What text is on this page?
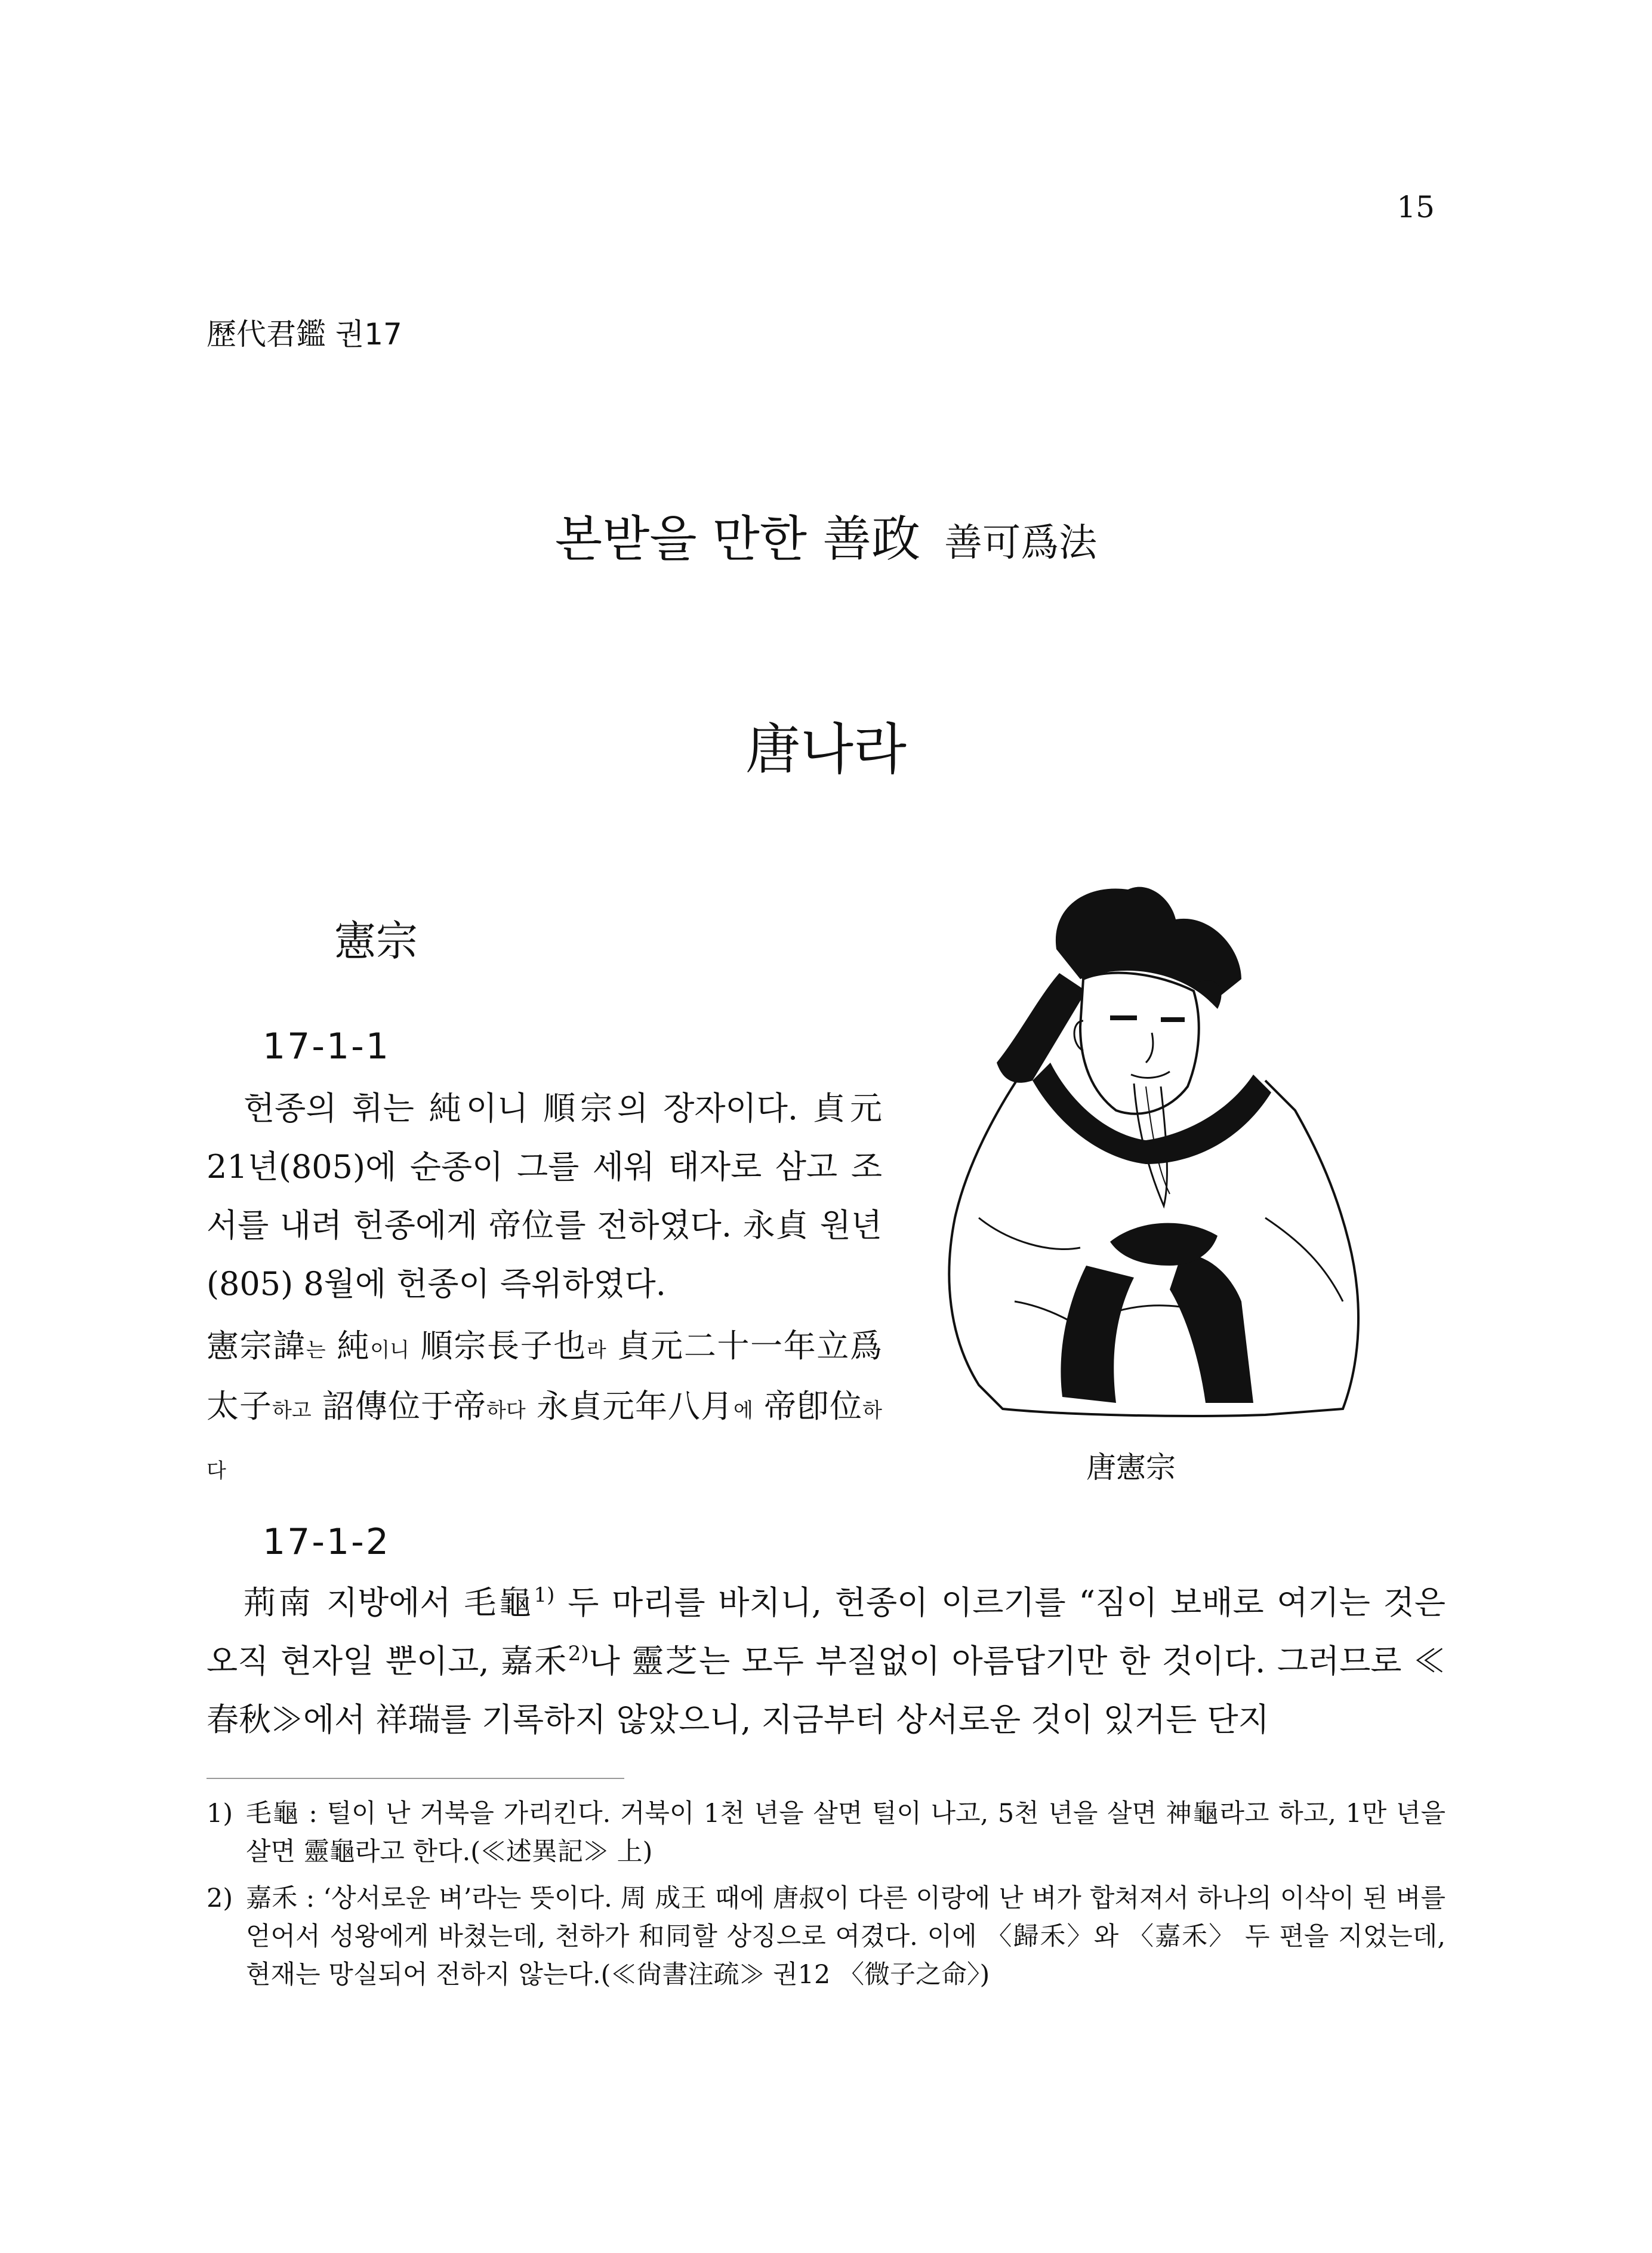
15
歷代君鑑 권17
본받을 만한 善政 善可爲法
唐나라
憲宗
17-1-1
헌종의 휘는 純이니 順宗의 장자이다. 貞元 21년(805)에 순종이 그를 세워 태자로 삼고 조서를 내려 헌종에게 帝位를 전하였다. 永貞 원년(805) 8월에 헌종이 즉위하였다.
憲宗諱는 純이니 順宗長子也라 貞元二十一年立爲太子하고 詔傳位于帝하다 永貞元年八月에 帝卽位하다	唐憲宗
17-1-2
荊南 지방에서 毛龜$^{1)}$ 두 마리를 바치니, 헌종이 이르기를 “짐이 보배로 여기는 것은 오직 현자일 뿐이고, 嘉禾$^{2)}$나 靈芝는 모두 부질없이 아름답기만 한 것이다. 그러므로 ≪春秋≫에서 祥瑞를 기록하지 않았으니, 지금부터 상서로운 것이 있거든 단지
1) 毛龜 : 털이 난 거북을 가리킨다. 거북이 1천 년을 살면 털이 나고, 5천 년을 살면 神龜라고 하고, 1만 년을 살면 靈龜라고 한다.(≪述異記≫ 上)
2) 嘉禾 : ‘상서로운 벼’라는 뜻이다. 周 成王 때에 唐叔이 다른 이랑에 난 벼가 합쳐져서 하나의 이삭이 된 벼를 얻어서 성왕에게 바쳤는데, 천하가 和同할 상징으로 여겼다. 이에 〈歸禾〉와 〈嘉禾〉 두 편을 지었는데, 현재는 망실되어 전하지 않는다.(≪尙書注疏≫ 권12 〈微子之命〉)
